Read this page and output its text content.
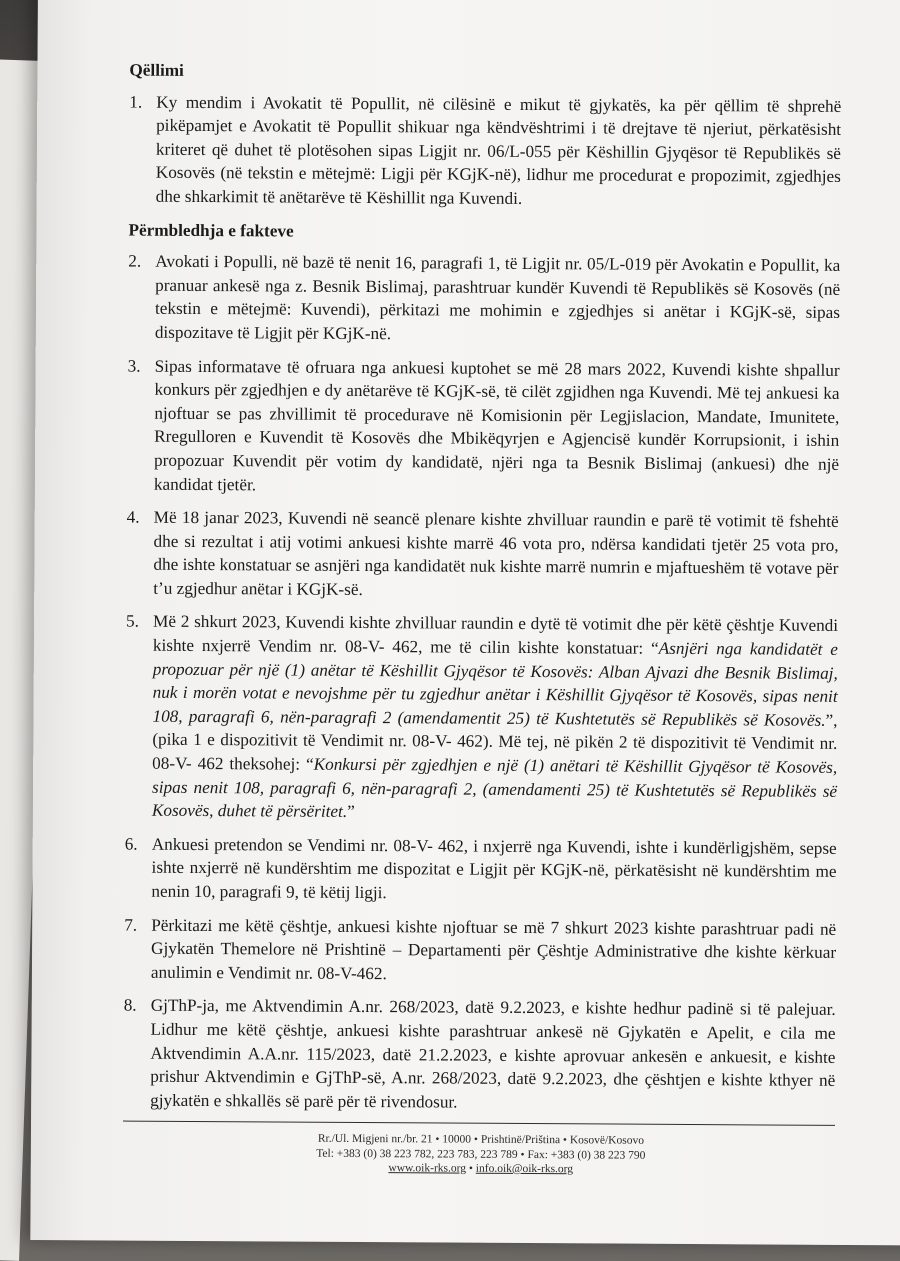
Qëllimi
1. Ky mendim i Avokatit të Popullit, në cilësinë e mikut të gjykatës, ka për qëllim të shprehë pikëpamjet e Avokatit të Popullit shikuar nga këndvështrimi i të drejtave të njeriut, përkatësisht kriteret që duhet të plotësohen sipas Ligjit nr. 06/L-055 për Këshillin Gjyqësor të Republikës së Kosovës (në tekstin e mëtejmë: Ligji për KGjK-në), lidhur me procedurat e propozimit, zgjedhjes dhe shkarkimit të anëtarëve të Këshillit nga Kuvendi.
Përmbledhja e fakteve
2. Avokati i Populli, në bazë të nenit 16, paragrafi 1, të Ligjit nr. 05/L-019 për Avokatin e Popullit, ka pranuar ankesë nga z. Besnik Bislimaj, parashtruar kundër Kuvendi të Republikës së Kosovës (në tekstin e mëtejmë: Kuvendi), përkitazi me mohimin e zgjedhjes si anëtar i KGjK-së, sipas dispozitave të Ligjit për KGjK-në.
3. Sipas informatave të ofruara nga ankuesi kuptohet se më 28 mars 2022, Kuvendi kishte shpallur konkurs për zgjedhjen e dy anëtarëve të KGjK-së, të cilët zgjidhen nga Kuvendi. Më tej ankuesi ka njoftuar se pas zhvillimit të procedurave në Komisionin për Legjislacion, Mandate, Imunitete, Rregulloren e Kuvendit të Kosovës dhe Mbikëqyrjen e Agjencisë kundër Korrupsionit, i ishin propozuar Kuvendit për votim dy kandidatë, njëri nga ta Besnik Bislimaj (ankuesi) dhe një kandidat tjetër.
4. Më 18 janar 2023, Kuvendi në seancë plenare kishte zhvilluar raundin e parë të votimit të fshehtë dhe si rezultat i atij votimi ankuesi kishte marrë 46 vota pro, ndërsa kandidati tjetër 25 vota pro, dhe ishte konstatuar se asnjëri nga kandidatët nuk kishte marrë numrin e mjaftueshëm të votave për t’u zgjedhur anëtar i KGjK-së.
5. Më 2 shkurt 2023, Kuvendi kishte zhvilluar raundin e dytë të votimit dhe për këtë çështje Kuvendi kishte nxjerrë Vendim nr. 08-V- 462, me të cilin kishte konstatuar: “Asnjëri nga kandidatët e propozuar për një (1) anëtar të Këshillit Gjyqësor të Kosovës: Alban Ajvazi dhe Besnik Bislimaj, nuk i morën votat e nevojshme për tu zgjedhur anëtar i Këshillit Gjyqësor të Kosovës, sipas nenit 108, paragrafi 6, nën-paragrafi 2 (amendamentit 25) të Kushtetutës së Republikës së Kosovës.”, (pika 1 e dispozitivit të Vendimit nr. 08-V- 462). Më tej, në pikën 2 të dispozitivit të Vendimit nr. 08-V- 462 theksohej: “Konkursi për zgjedhjen e një (1) anëtari të Këshillit Gjyqësor të Kosovës, sipas nenit 108, paragrafi 6, nën-paragrafi 2, (amendamenti 25) të Kushtetutës së Republikës së Kosovës, duhet të përsëritet.”
6. Ankuesi pretendon se Vendimi nr. 08-V- 462, i nxjerrë nga Kuvendi, ishte i kundërligjshëm, sepse ishte nxjerrë në kundërshtim me dispozitat e Ligjit për KGjK-në, përkatësisht në kundërshtim me nenin 10, paragrafi 9, të këtij ligji.
7. Përkitazi me këtë çështje, ankuesi kishte njoftuar se më 7 shkurt 2023 kishte parashtruar padi në Gjykatën Themelore në Prishtinë – Departamenti për Çështje Administrative dhe kishte kërkuar anulimin e Vendimit nr. 08-V-462.
8. GjThP-ja, me Aktvendimin A.nr. 268/2023, datë 9.2.2023, e kishte hedhur padinë si të palejuar. Lidhur me këtë çështje, ankuesi kishte parashtruar ankesë në Gjykatën e Apelit, e cila me Aktvendimin A.A.nr. 115/2023, datë 21.2.2023, e kishte aprovuar ankesën e ankuesit, e kishte prishur Aktvendimin e GjThP-së, A.nr. 268/2023, datë 9.2.2023, dhe çështjen e kishte kthyer në gjykatën e shkallës së parë për të rivendosur.
Rr./Ul. Migjeni nr./br. 21 • 10000 • Prishtinë/Priština • Kosovë/Kosovo
Tel: +383 (0) 38 223 782, 223 783, 223 789 • Fax: +383 (0) 38 223 790
www.oik-rks.org • info.oik@oik-rks.org
